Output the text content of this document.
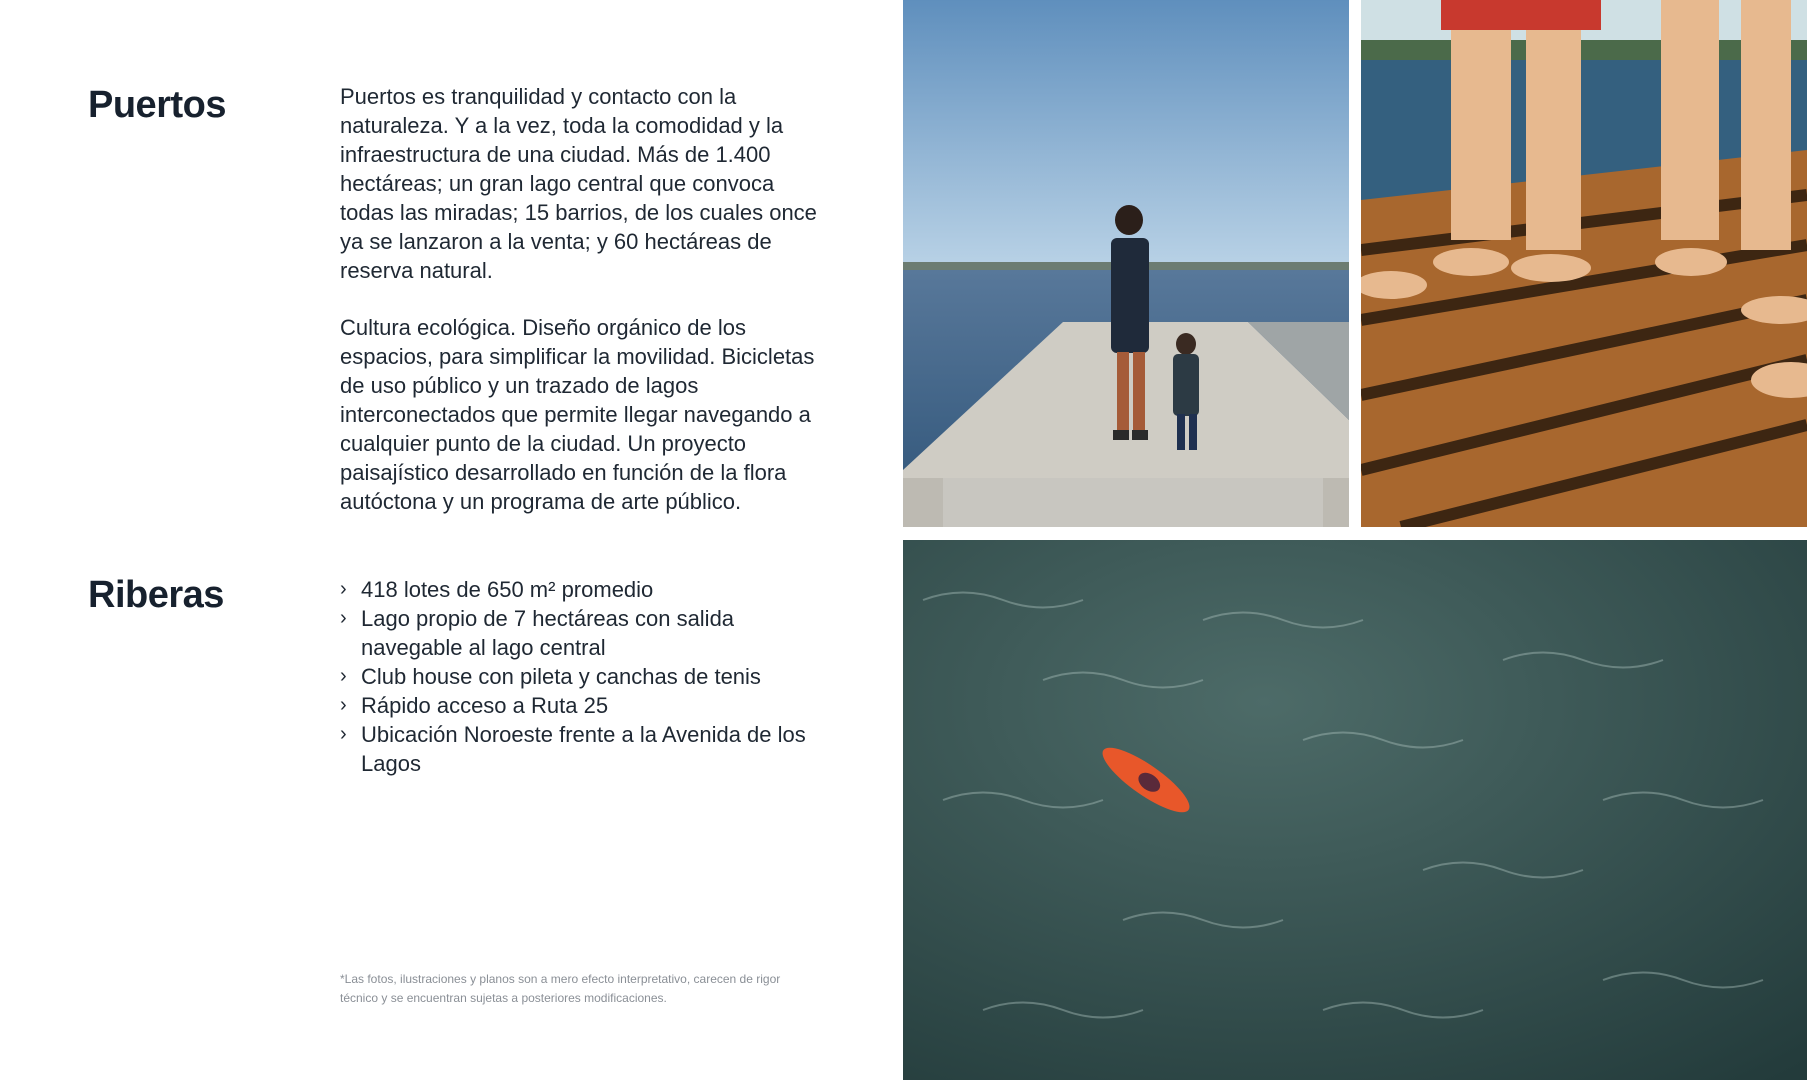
Puertos	Puertos es tranquilidad y contacto con la naturaleza. Y a la vez, toda la comodidad y la infraestructura de una ciudad. Más de 1.400 hectáreas; un gran lago central que convoca todas las miradas; 15 barrios, de los cuales once ya se lanzaron a la venta; y 60 hectáreas de reserva natural.

Cultura ecológica. Diseño orgánico de los espacios, para simplificar la movilidad. Bicicletas de uso público y un trazado de lagos interconectados que permite llegar navegando a cualquier punto de la ciudad. Un proyecto paisajístico desarrollado en función de la flora autóctona y un programa de arte público.

Riberas	› 418 lotes de 650 m² promedio
› Lago propio de 7 hectáreas con salida navegable al lago central
› Club house con pileta y canchas de tenis
› Rápido acceso a Ruta 25
› Ubicación Noroeste frente a la Avenida de los Lagos

*Las fotos, ilustraciones y planos son a mero efecto interpretativo, carecen de rigor técnico y se encuentran sujetas a posteriores modificaciones.
